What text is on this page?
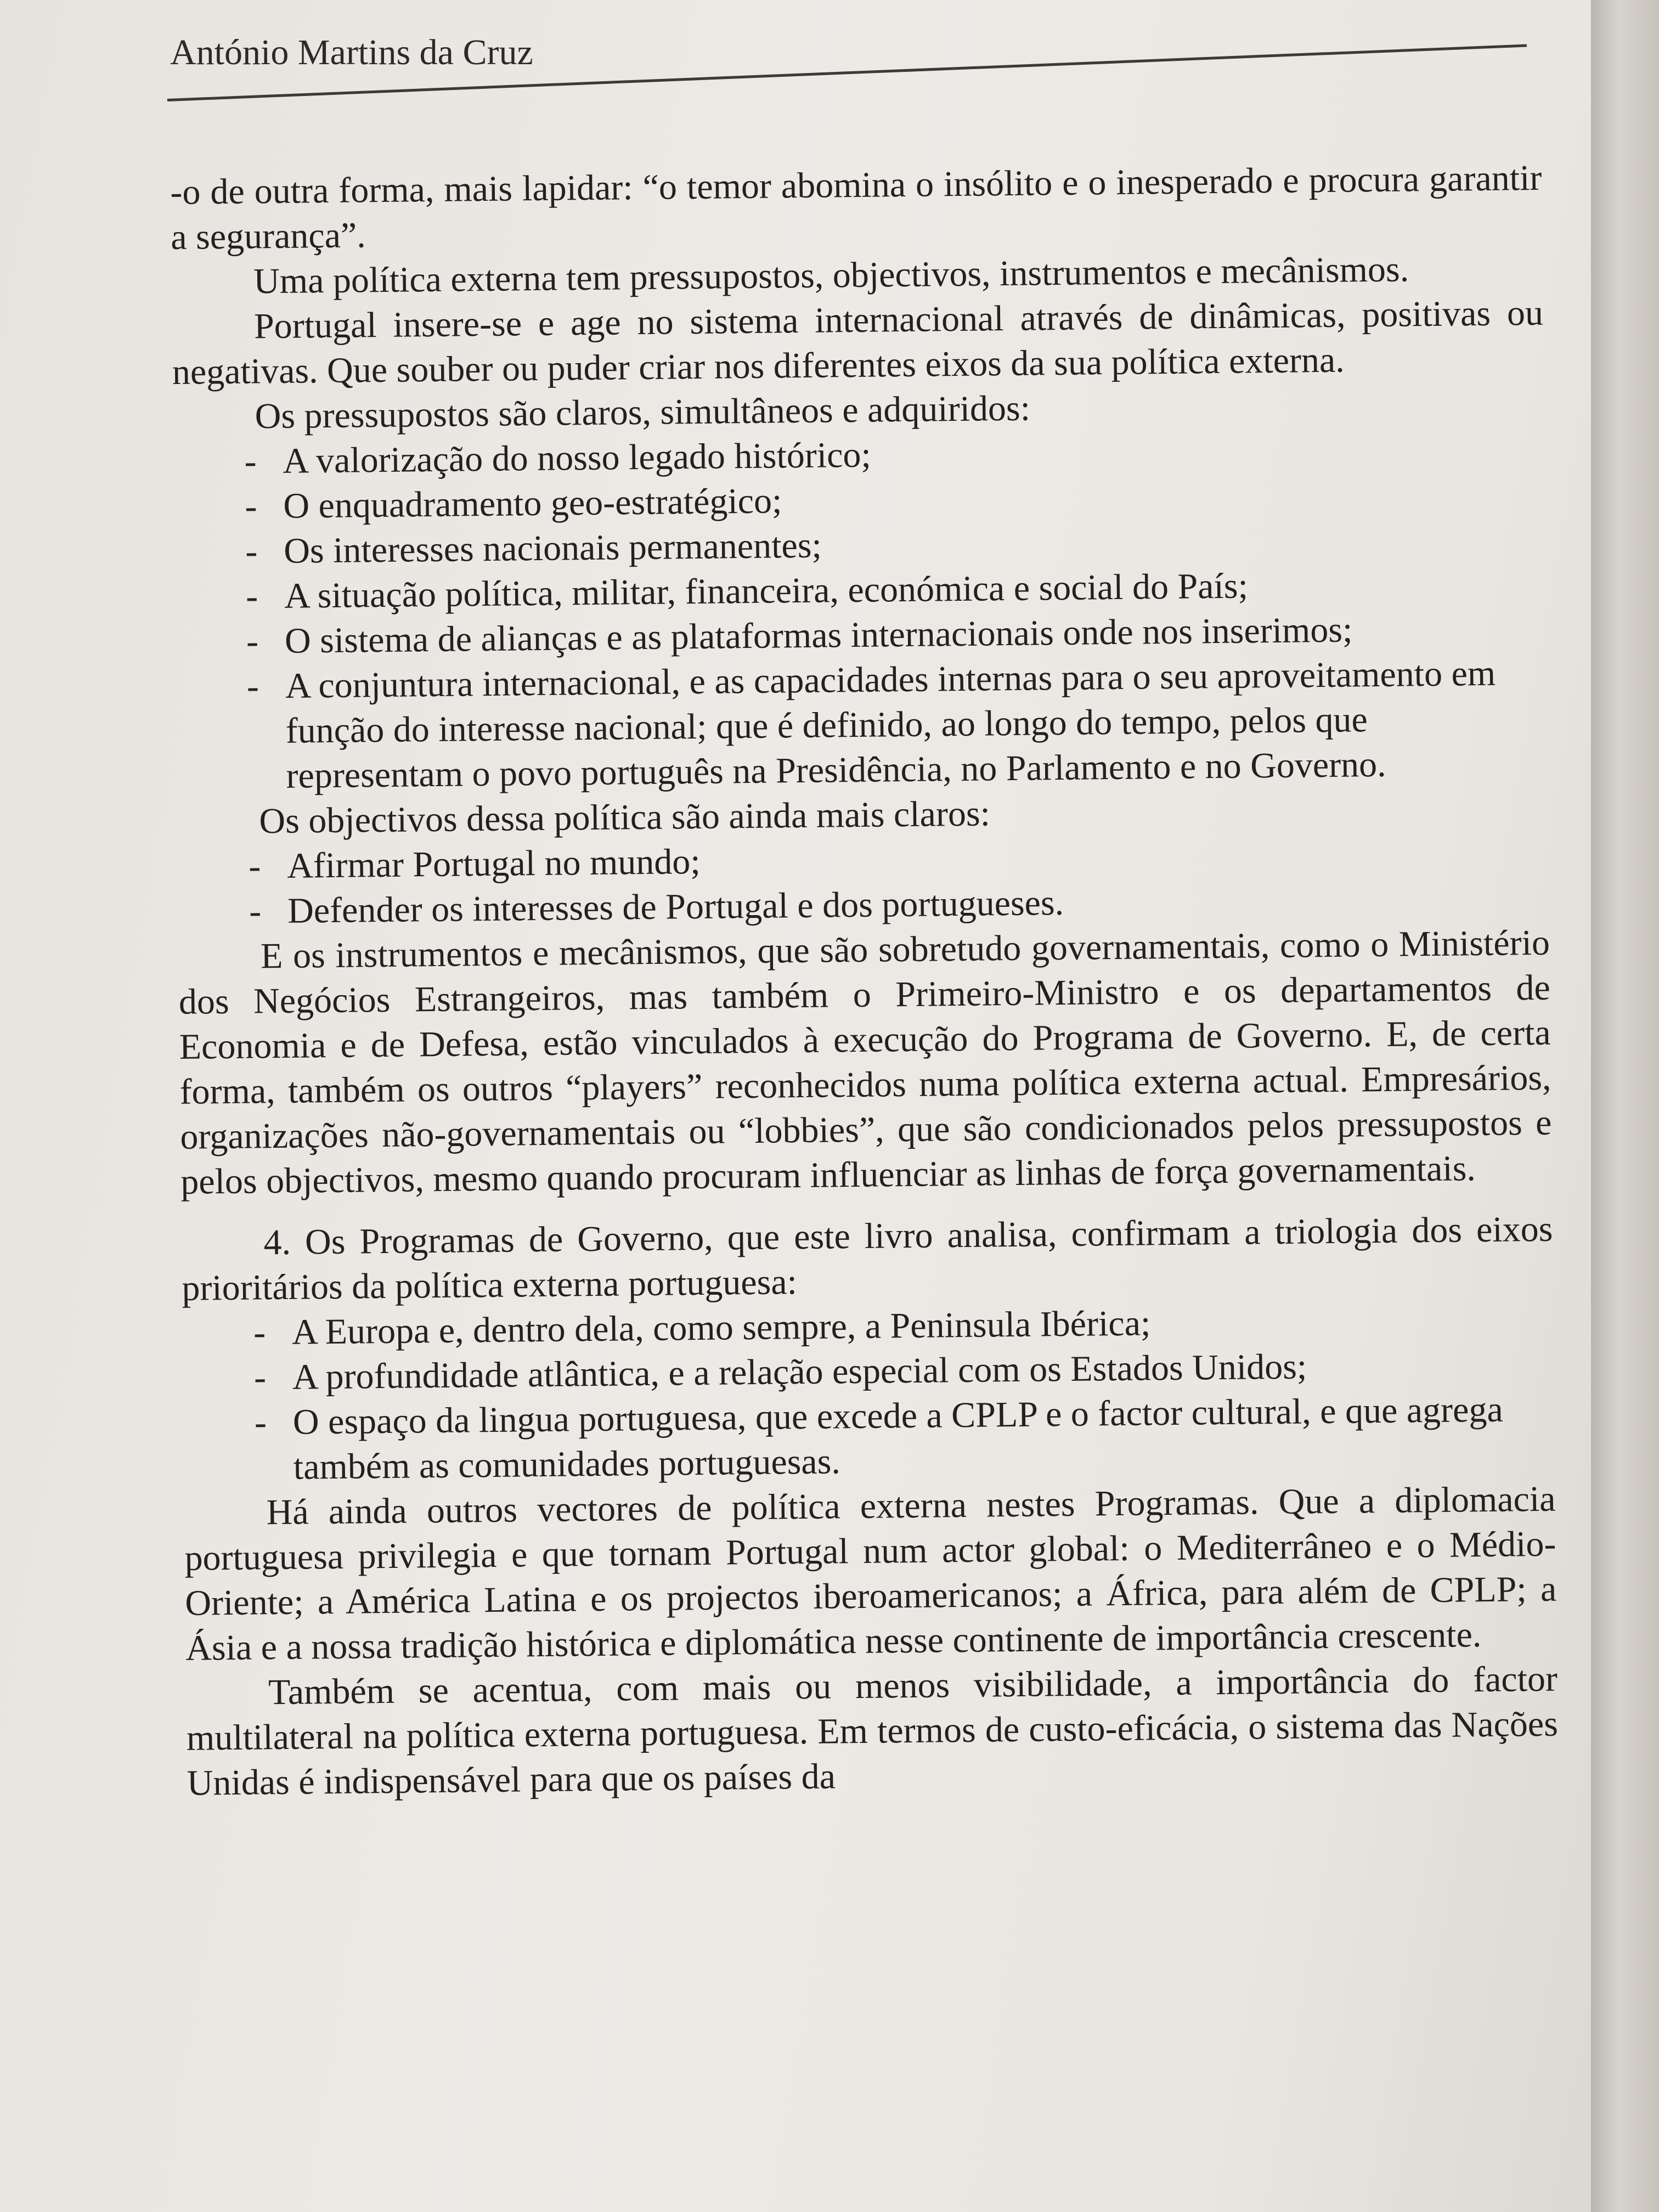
António Martins da Cruz

-o de outra forma, mais lapidar: “o temor abomina o insólito e o inesperado e procura garantir a segurança”.

Uma política externa tem pressupostos, objectivos, instrumentos e mecânismos.

Portugal insere-se e age no sistema internacional através de dinâmicas, positivas ou negativas. Que souber ou puder criar nos diferentes eixos da sua política externa.

Os pressupostos são claros, simultâneos e adquiridos:

- A valorização do nosso legado histórico;
- O enquadramento geo-estratégico;
- Os interesses nacionais permanentes;
- A situação política, militar, financeira, económica e social do País;
- O sistema de alianças e as plataformas internacionais onde nos inserimos;
- A conjuntura internacional, e as capacidades internas para o seu aproveitamento em função do interesse nacional; que é definido, ao longo do tempo, pelos que representam o povo português na Presidência, no Parlamento e no Governo.

Os objectivos dessa política são ainda mais claros:

- Afirmar Portugal no mundo;
- Defender os interesses de Portugal e dos portugueses.

E os instrumentos e mecânismos, que são sobretudo governamentais, como o Ministério dos Negócios Estrangeiros, mas também o Primeiro-Ministro e os departamentos de Economia e de Defesa, estão vinculados à execução do Programa de Governo. E, de certa forma, também os outros “players” reconhecidos numa política externa actual. Empresários, organizações não-governamentais ou “lobbies”, que são condicionados pelos pressupostos e pelos objectivos, mesmo quando procuram influenciar as linhas de força governamentais.

4. Os Programas de Governo, que este livro analisa, confirmam a triologia dos eixos prioritários da política externa portuguesa:

- A Europa e, dentro dela, como sempre, a Peninsula Ibérica;
- A profundidade atlântica, e a relação especial com os Estados Unidos;
- O espaço da lingua portuguesa, que excede a CPLP e o factor cultural, e que agrega também as comunidades portuguesas.

Há ainda outros vectores de política externa nestes Programas. Que a diplomacia portuguesa privilegia e que tornam Portugal num actor global: o Mediterrâneo e o Médio-Oriente; a América Latina e os projectos iberoamericanos; a África, para além de CPLP; a Ásia e a nossa tradição histórica e diplomática nesse continente de importância crescente.

Também se acentua, com mais ou menos visibilidade, a importância do factor multilateral na política externa portuguesa. Em termos de custo-eficácia, o sistema das Nações Unidas é indispensável para que os países da
